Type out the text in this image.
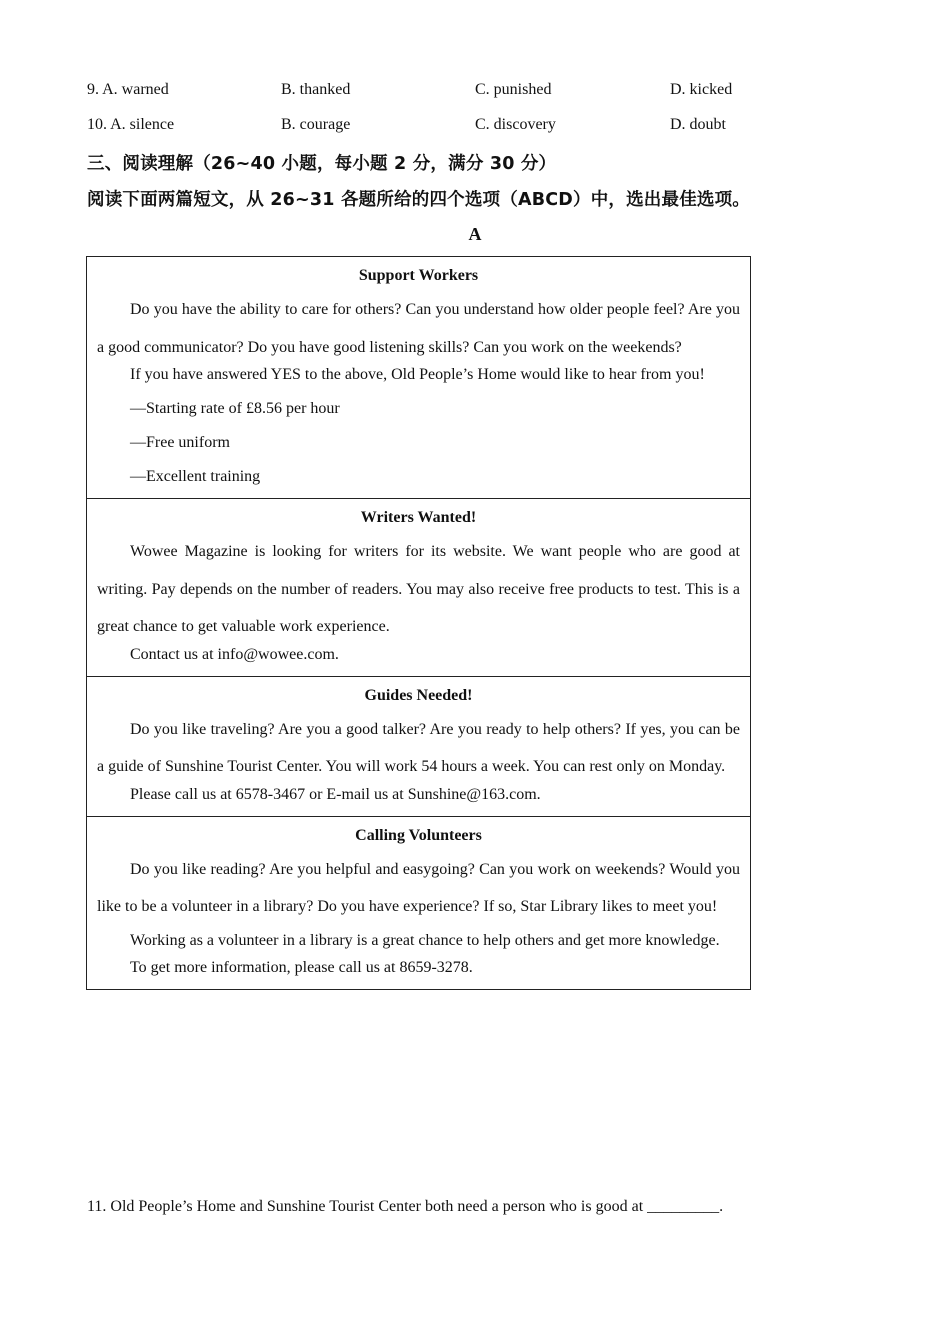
9. A. warned	B. thanked	C. punished	D. kicked
10. A. silence	B. courage	C. discovery	D. doubt
三、阅读理解（26~40 小题，每小题 2 分，满分 30 分）
阅读下面两篇短文，从 26~31 各题所给的四个选项（ABCD）中，选出最佳选项。
A
Support Workers

Do you have the ability to care for others? Can you understand how older people feel? Are you a good communicator? Do you have good listening skills? Can you work on the weekends?

If you have answered YES to the above, Old People’s Home would like to hear from you!
—Starting rate of £8.56 per hour
—Free uniform
—Excellent training
Writers Wanted!

Wowee Magazine is looking for writers for its website. We want people who are good at writing. Pay depends on the number of readers. You may also receive free products to test. This is a great chance to get valuable work experience.

Contact us at info@wowee.com.
Guides Needed!

Do you like traveling? Are you a good talker? Are you ready to help others? If yes, you can be a guide of Sunshine Tourist Center. You will work 54 hours a week. You can rest only on Monday.

Please call us at 6578-3467 or E-mail us at Sunshine@163.com.
Calling Volunteers

Do you like reading? Are you helpful and easygoing? Can you work on weekends? Would you like to be a volunteer in a library? Do you have experience? If so, Star Library likes to meet you!

Working as a volunteer in a library is a great chance to help others and get more knowledge.

To get more information, please call us at 8659-3278.
11. Old People’s Home and Sunshine Tourist Center both need a person who is good at _________.
